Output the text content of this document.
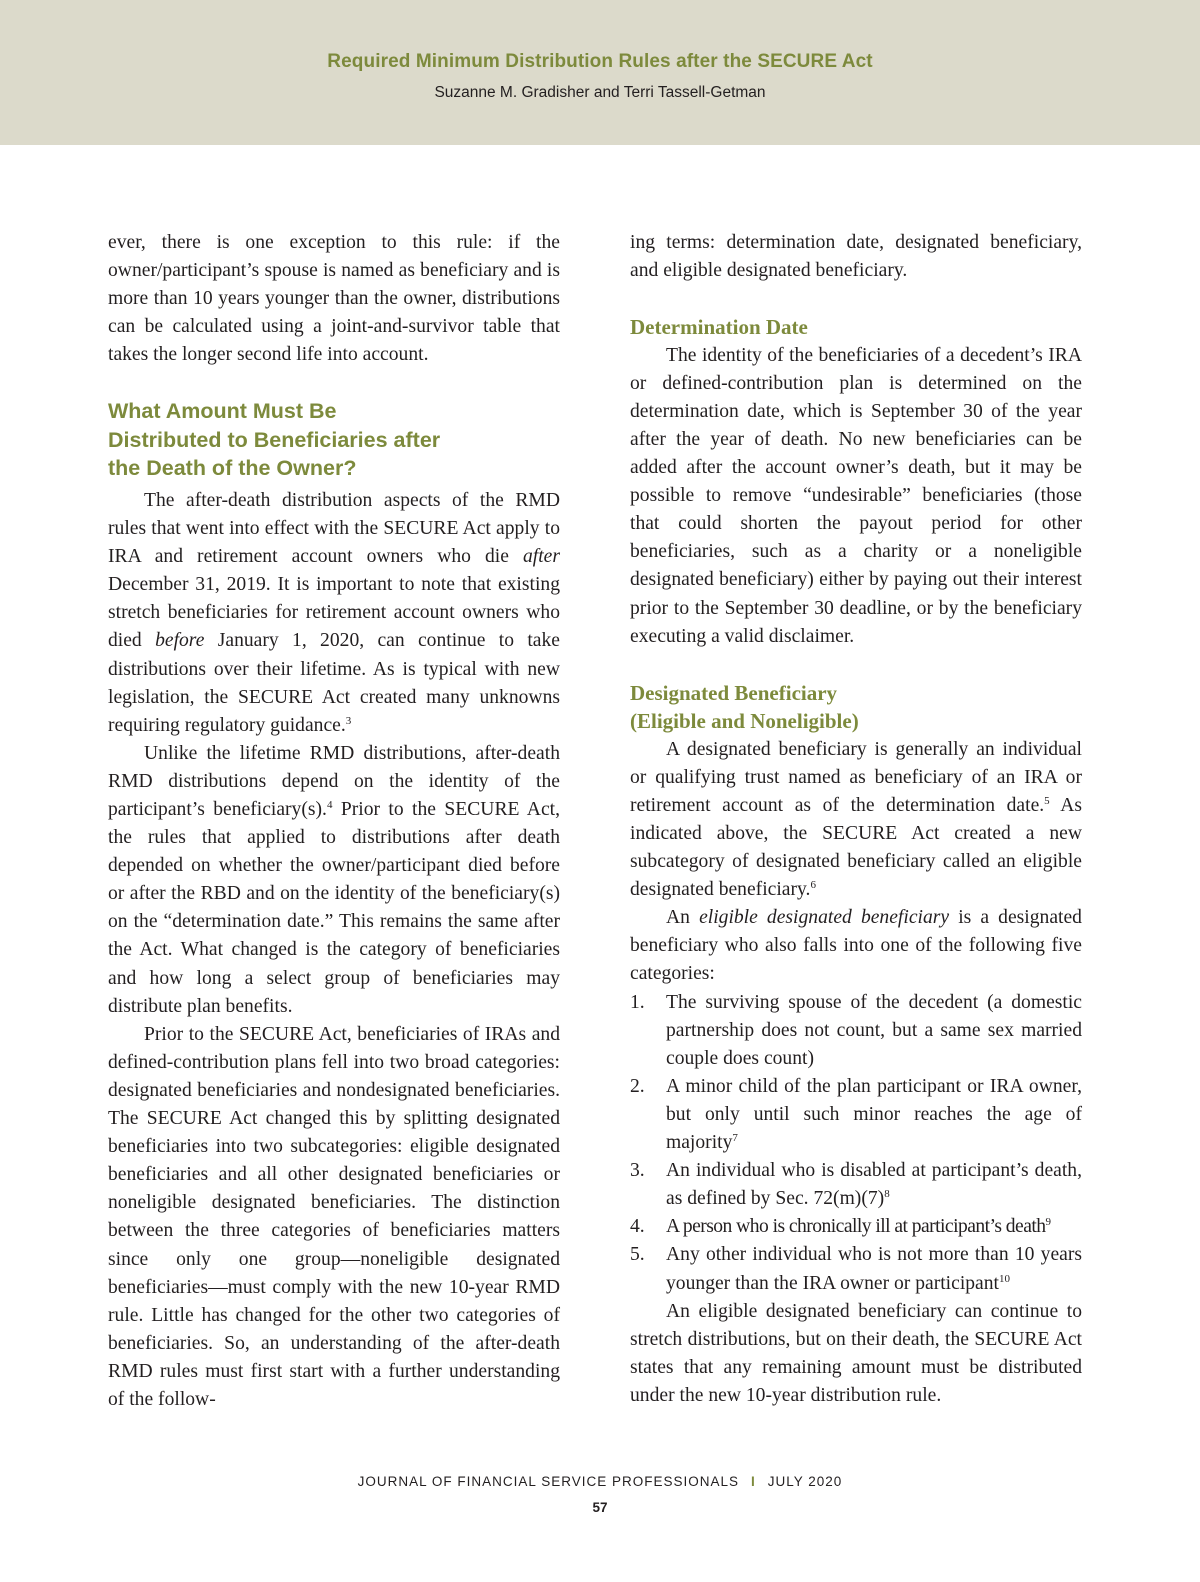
Required Minimum Distribution Rules after the SECURE Act
Suzanne M. Gradisher and Terri Tassell-Getman

ever, there is one exception to this rule: if the owner/participant’s spouse is named as beneficiary and is more than 10 years younger than the owner, distributions can be calculated using a joint-and-survivor table that takes the longer second life into account.

What Amount Must Be
Distributed to Beneficiaries after
the Death of the Owner?

The after-death distribution aspects of the RMD rules that went into effect with the SECURE Act apply to IRA and retirement account owners who die after December 31, 2019. It is important to note that existing stretch beneficiaries for retirement account owners who died before January 1, 2020, can continue to take distributions over their lifetime. As is typical with new legislation, the SECURE Act created many unknowns requiring regulatory guidance.$^3$

Unlike the lifetime RMD distributions, after-death RMD distributions depend on the identity of the participant’s beneficiary(s).$^4$ Prior to the SECURE Act, the rules that applied to distributions after death depended on whether the owner/participant died before or after the RBD and on the identity of the beneficiary(s) on the “determination date.” This remains the same after the Act. What changed is the category of beneficiaries and how long a select group of beneficiaries may distribute plan benefits.

Prior to the SECURE Act, beneficiaries of IRAs and defined-contribution plans fell into two broad categories: designated beneficiaries and nondesignated beneficiaries. The SECURE Act changed this by splitting designated beneficiaries into two subcategories: eligible designated beneficiaries and all other designated beneficiaries or noneligible designated beneficiaries. The distinction between the three categories of beneficiaries matters since only one group—noneligible designated beneficiaries—must comply with the new 10-year RMD rule. Little has changed for the other two categories of beneficiaries. So, an understanding of the after-death RMD rules must first start with a further understanding of the follow-

ing terms: determination date, designated beneficiary, and eligible designated beneficiary.

Determination Date

The identity of the beneficiaries of a decedent’s IRA or defined-contribution plan is determined on the determination date, which is September 30 of the year after the year of death. No new beneficiaries can be added after the account owner’s death, but it may be possible to remove “undesirable” beneficiaries (those that could shorten the payout period for other beneficiaries, such as a charity or a noneligible designated beneficiary) either by paying out their interest prior to the September 30 deadline, or by the beneficiary executing a valid disclaimer.

Designated Beneficiary
(Eligible and Noneligible)

A designated beneficiary is generally an individual or qualifying trust named as beneficiary of an IRA or retirement account as of the determination date.$^5$ As indicated above, the SECURE Act created a new subcategory of designated beneficiary called an eligible designated beneficiary.$^6$

An eligible designated beneficiary is a designated beneficiary who also falls into one of the following five categories:

1.	The surviving spouse of the decedent (a domestic partnership does not count, but a same sex married couple does count)
2.	A minor child of the plan participant or IRA owner, but only until such minor reaches the age of majority$^7$
3.	An individual who is disabled at participant’s death, as defined by Sec. $72(m)(7)^8$
4.	A person who is chronically ill at participant’s death$^9$
5.	Any other individual who is not more than 10 years younger than the IRA owner or participant$^{10}$

An eligible designated beneficiary can continue to stretch distributions, but on their death, the SECURE Act states that any remaining amount must be distributed under the new 10-year distribution rule.

JOURNAL OF FINANCIAL SERVICE PROFESSIONALS I JULY 2020
57
